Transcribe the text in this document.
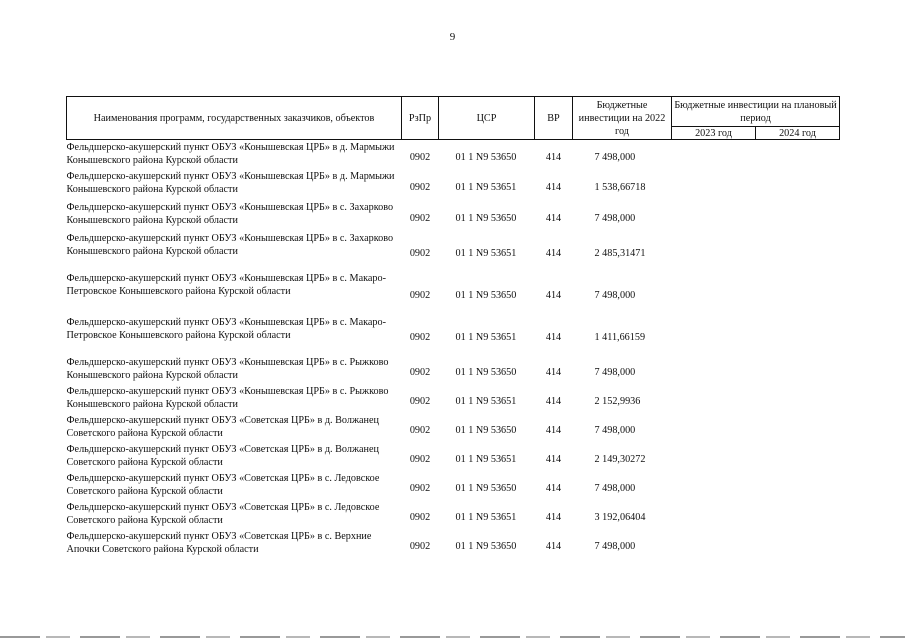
9
Наименования программ, государственных заказчиков, объектов	РзПр	ЦСР	ВР	Бюджетные инвестиции на 2022 год	Бюджетные инвестиции на плановый период	
					2023 год	2024 год
Фельдшерско-акушерский пункт ОБУЗ «Конышевская ЦРБ» в д. Мармыжи Конышевского района Курской области	0902	01 1 N9 53650	414	7 498,000		
Фельдшерско-акушерский пункт ОБУЗ «Конышевская ЦРБ» в д. Мармыжи Конышевского района Курской области	0902	01 1 N9 53651	414	1 538,66718		
Фельдшерско-акушерский пункт ОБУЗ «Конышевская ЦРБ» в с. Захарково Конышевского района Курской области	0902	01 1 N9 53650	414	7 498,000		
Фельдшерско-акушерский пункт ОБУЗ «Конышевская ЦРБ» в с. Захарково Конышевского района Курской области	0902	01 1 N9 53651	414	2 485,31471		
Фельдшерско-акушерский пункт ОБУЗ «Конышевская ЦРБ» в с. Макаро-Петровское Конышевского района Курской области	0902	01 1 N9 53650	414	7 498,000		
Фельдшерско-акушерский пункт ОБУЗ «Конышевская ЦРБ» в с. Макаро-Петровское Конышевского района Курской области	0902	01 1 N9 53651	414	1 411,66159		
Фельдшерско-акушерский пункт ОБУЗ «Конышевская ЦРБ» в с. Рыжково Конышевского района Курской области	0902	01 1 N9 53650	414	7 498,000		
Фельдшерско-акушерский пункт ОБУЗ «Конышевская ЦРБ» в с. Рыжково Конышевского района Курской области	0902	01 1 N9 53651	414	2 152,9936		
Фельдшерско-акушерский пункт ОБУЗ «Советская ЦРБ» в д. Волжанец Советского района Курской области	0902	01 1 N9 53650	414	7 498,000		
Фельдшерско-акушерский пункт ОБУЗ «Советская ЦРБ» в д. Волжанец Советского района Курской области	0902	01 1 N9 53651	414	2 149,30272		
Фельдшерско-акушерский пункт ОБУЗ «Советская ЦРБ» в с. Ледовское Советского района Курской области	0902	01 1 N9 53650	414	7 498,000		
Фельдшерско-акушерский пункт ОБУЗ «Советская ЦРБ» в с. Ледовское Советского района Курской области	0902	01 1 N9 53651	414	3 192,06404		
Фельдшерско-акушерский пункт ОБУЗ «Советская ЦРБ» в с. Верхние Апочки Советского района Курской области	0902	01 1 N9 53650	414	7 498,000		
